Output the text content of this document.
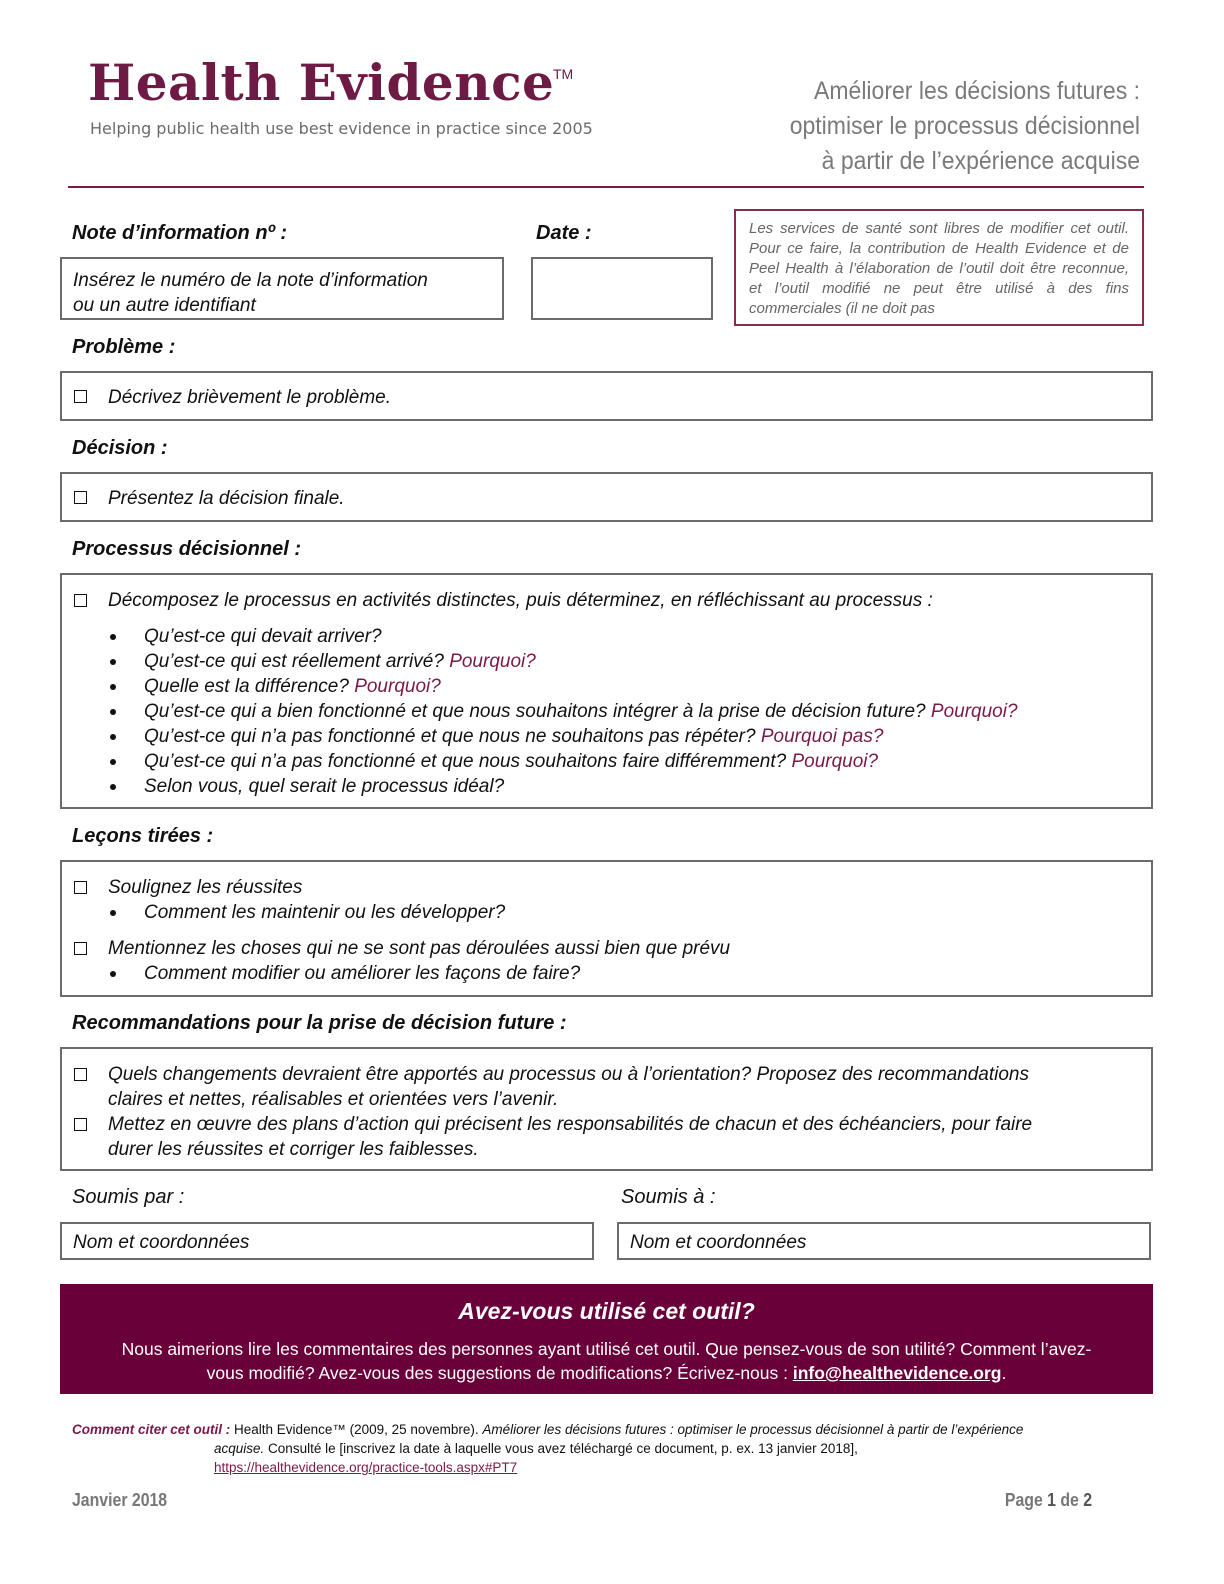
Health Evidence
TM
Helping public health use best evidence in practice since 2005
Améliorer les décisions futures :
optimiser le processus décisionnel
à partir de l’expérience acquise
Note d’information nº :
Insérez le numéro de la note d’information
ou un autre identifiant
Date :	Les services de santé sont libres de modifier cet outil. Pour ce faire, la contribution de Health Evidence et de Peel Health à l’élaboration de l’outil doit être reconnue, et l’outil modifié ne peut être utilisé à des fins commerciales (il ne doit pas
Problème :
Décrivez brièvement le problème.
Décision :
Présentez la décision finale.
Processus décisionnel :
Décomposez le processus en activités distinctes, puis déterminez, en réfléchissant au processus :
Qu’est-ce qui devait arriver?
Qu’est-ce qui est réellement arrivé? Pourquoi?
Quelle est la différence? Pourquoi?
Qu’est-ce qui a bien fonctionné et que nous souhaitons intégrer à la prise de décision future? Pourquoi?
Qu’est-ce qui n’a pas fonctionné et que nous ne souhaitons pas répéter? Pourquoi pas?
Qu’est-ce qui n’a pas fonctionné et que nous souhaitons faire différemment? Pourquoi?
Selon vous, quel serait le processus idéal?
Leçons tirées :
Soulignez les réussites
Comment les maintenir ou les développer?
Mentionnez les choses qui ne se sont pas déroulées aussi bien que prévu
Comment modifier ou améliorer les façons de faire?
Recommandations pour la prise de décision future :
Quels changements devraient être apportés au processus ou à l’orientation? Proposez des recommandations
claires et nettes, réalisables et orientées vers l’avenir.
Mettez en œuvre des plans d’action qui précisent les responsabilités de chacun et des échéanciers, pour faire
durer les réussites et corriger les faiblesses.
Soumis par :
Nom et coordonnées
Soumis à :
Nom et coordonnées
Avez-vous utilisé cet outil?
Nous aimerions lire les commentaires des personnes ayant utilisé cet outil. Que pensez-vous de son utilité? Comment l’avez-
vous modifié? Avez-vous des suggestions de modifications? Écrivez-nous : info@healthevidence.org.
Comment citer cet outil : Health Evidence™ (2009, 25 novembre). Améliorer les décisions futures : optimiser le processus décisionnel à partir de l’expérience
acquise. Consulté le [inscrivez la date à laquelle vous avez téléchargé ce document, p. ex. 13 janvier 2018],
https://healthevidence.org/practice-tools.aspx#PT7
Janvier 2018	Page 1 de 2
